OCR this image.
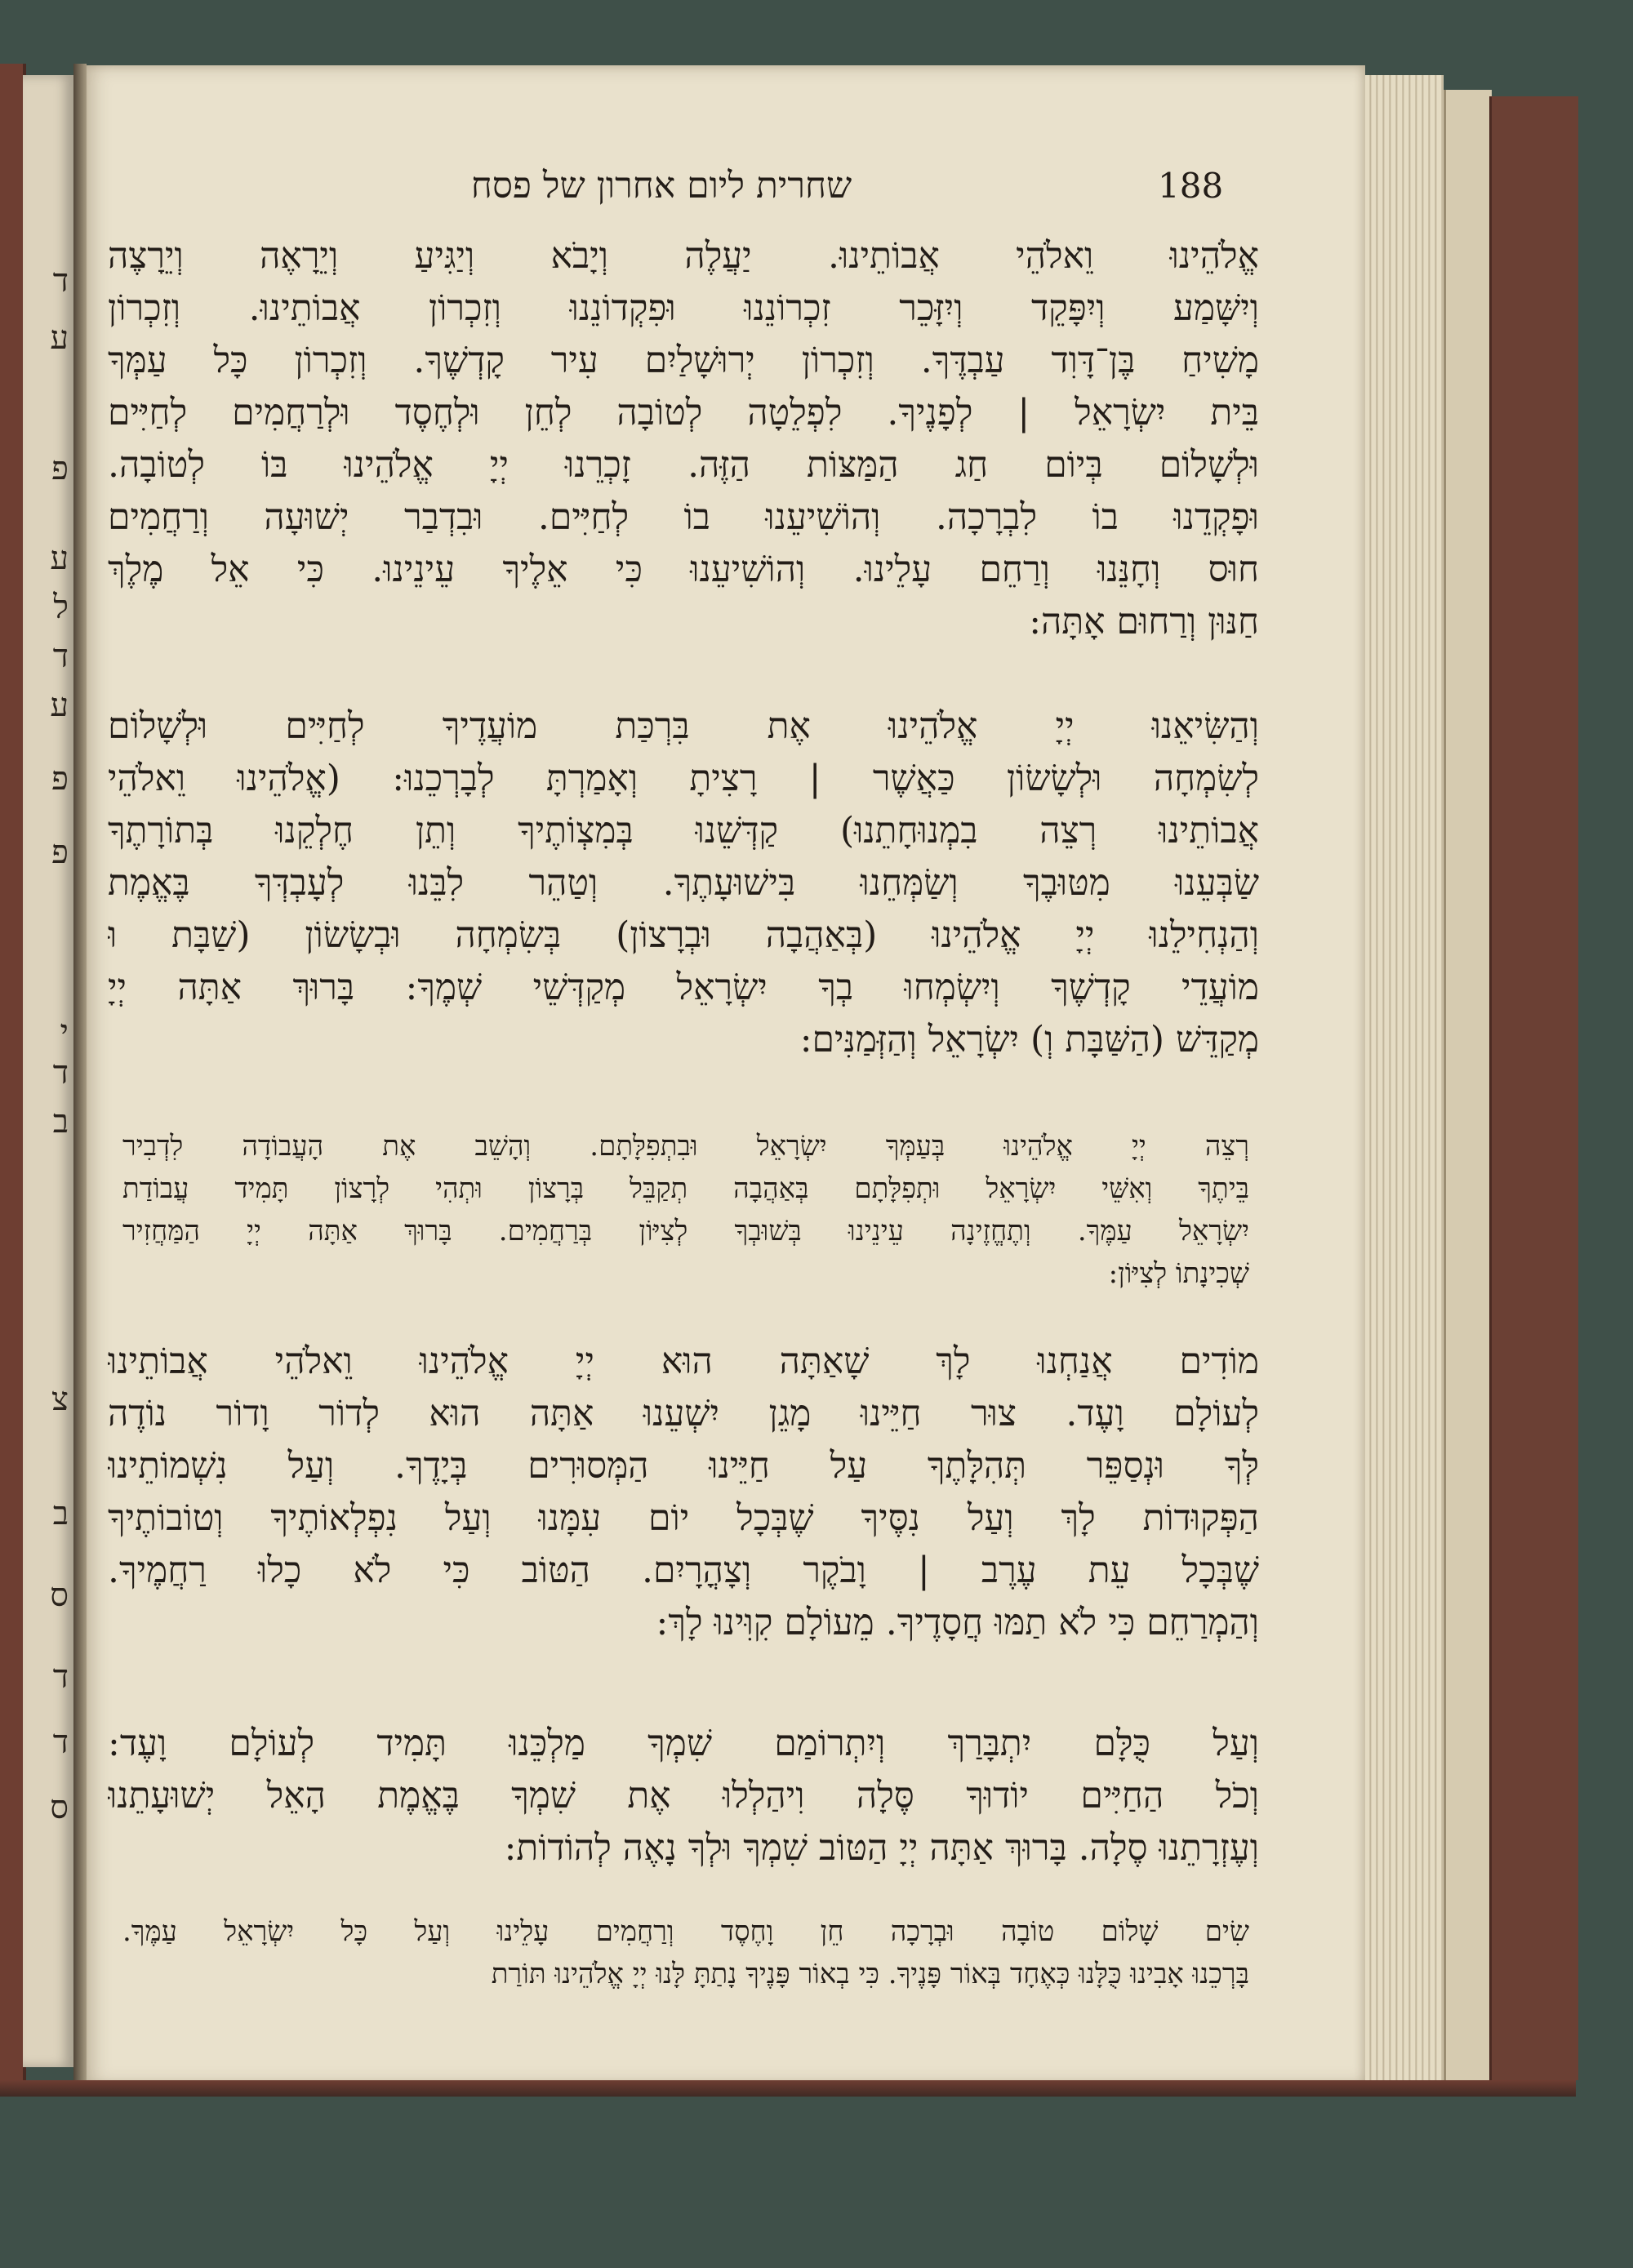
ד
ע
פ
ע
ל
ד
ע
פ
פ
י
ד
ב
צ
ב
ס
ד
ד
ס
שחרית ליום אחרון של פסח	188
אֱלֹהֵינוּ וֵאלֹהֵי אֲבוֹתֵינוּ. יַעֲלֶה וְיָבֹא וְיַגִּיעַ וְיֵרָאֶה וְיֵרָצֶה
וְיִשָּׁמַע וְיִפָּקֵד וְיִזָּכֵר זִכְרוֹנֵנוּ וּפִקְדוֹנֵנוּ וְזִכְרוֹן אֲבוֹתֵינוּ. וְזִכְרוֹן
מָשִׁיחַ בֶּן־דָּוִד עַבְדֶּךָ. וְזִכְרוֹן יְרוּשָׁלַיִם עִיר קָדְשֶׁךָ. וְזִכְרוֹן כָּל עַמְּךָ
בֵּית יִשְׂרָאֵל | לְפָנֶיךָ. לִפְלֵטָה לְטוֹבָה לְחֵן וּלְחֶסֶד וּלְרַחֲמִים לְחַיִּים
וּלְשָׁלוֹם בְּיוֹם חַג הַמַּצּוֹת הַזֶּה. זָכְרֵנוּ יְיָ אֱלֹהֵינוּ בּוֹ לְטוֹבָה.
וּפָקְדֵנוּ בוֹ לִבְרָכָה. וְהוֹשִׁיעֵנוּ בוֹ לְחַיִּים. וּבִדְבַר יְשׁוּעָה וְרַחֲמִים
חוּס וְחָנֵּנוּ וְרַחֵם עָלֵינוּ. וְהוֹשִׁיעֵנוּ כִּי אֵלֶיךָ עֵינֵינוּ. כִּי אֵל מֶלֶךְ
חַנּוּן וְרַחוּם אָתָּה:
וְהַשִּׂיאֵנוּ יְיָ אֱלֹהֵינוּ אֶת בִּרְכַּת מוֹעֲדֶיךָ לְחַיִּים וּלְשָׁלוֹם
לְשִׂמְחָה וּלְשָׂשׂוֹן כַּאֲשֶׁר | רָצִיתָ וְאָמַרְתָּ לְבָרְכֵנוּ: (אֱלֹהֵינוּ וֵאלֹהֵי
אֲבוֹתֵינוּ רְצֵה בִמְנוּחָתֵנוּ) קַדְּשֵׁנוּ בְּמִצְוֹתֶיךָ וְתֵן חֶלְקֵנוּ בְּתוֹרָתֶךָ
שַׂבְּעֵנוּ מִטּוּבֶךָ וְשַׂמְּחֵנוּ בִּישׁוּעָתֶךָ. וְטַהֵר לִבֵּנוּ לְעָבְדְּךָ בֶּאֱמֶת
וְהַנְחִילֵנוּ יְיָ אֱלֹהֵינוּ (בְּאַהֲבָה וּבְרָצוֹן) בְּשִׂמְחָה וּבְשָׂשׂוֹן (שַׁבָּת וּ
מוֹעֲדֵי קָדְשֶׁךָ וְיִשְׂמְחוּ בְךָ יִשְׂרָאֵל מְקַדְּשֵׁי שְׁמֶךָ: בָּרוּךְ אַתָּה יְיָ
מְקַדֵּשׁ (הַשַּׁבָּת וְ) יִשְׂרָאֵל וְהַזְּמַנִּים:
רְצֵה יְיָ אֱלֹהֵינוּ בְּעַמְּךָ יִשְׂרָאֵל וּבִתְפִלָּתָם. וְהָשֵׁב אֶת הָעֲבוֹדָה לִדְבִיר
בֵּיתֶךָ וְאִשֵּׁי יִשְׂרָאֵל וּתְפִלָּתָם בְּאַהֲבָה תְקַבֵּל בְּרָצוֹן וּתְהִי לְרָצוֹן תָּמִיד עֲבוֹדַת
יִשְׂרָאֵל עַמֶּךָ. וְתֶחֱזֶינָה עֵינֵינוּ בְּשׁוּבְךָ לְצִיּוֹן בְּרַחֲמִים. בָּרוּךְ אַתָּה יְיָ הַמַּחֲזִיר
שְׁכִינָתוֹ לְצִיּוֹן:
מוֹדִים אֲנַחְנוּ לָךְ שָׁאַתָּה הוּא יְיָ אֱלֹהֵינוּ וֵאלֹהֵי אֲבוֹתֵינוּ
לְעוֹלָם וָעֶד. צוּר חַיֵּינוּ מָגֵן יִשְׁעֵנוּ אַתָּה הוּא לְדוֹר וָדוֹר נוֹדֶה
לְּךָ וּנְסַפֵּר תְּהִלָּתֶךָ עַל חַיֵּינוּ הַמְּסוּרִים בְּיָדֶךָ. וְעַל נִשְׁמוֹתֵינוּ
הַפְּקוּדוֹת לָךְ וְעַל נִסֶּיךָ שֶׁבְּכָל יוֹם עִמָּנוּ וְעַל נִפְלְאוֹתֶיךָ וְטוֹבוֹתֶיךָ
שֶׁבְּכָל עֵת עֶרֶב | וָבֹקֶר וְצָהֳרָיִם. הַטּוֹב כִּי לֹא כָלוּ רַחֲמֶיךָ.
וְהַמְרַחֵם כִּי לֹא תַמּוּ חֲסָדֶיךָ. מֵעוֹלָם קִוִּינוּ לָךְ:
וְעַל כֻּלָּם יִתְבָּרַךְ וְיִתְרוֹמַם שִׁמְךָ מַלְכֵּנוּ תָּמִיד לְעוֹלָם וָעֶד:
וְכֹל הַחַיִּים יוֹדוּךָ סֶּלָה וִיהַלְלוּ אֶת שִׁמְךָ בֶּאֱמֶת הָאֵל יְשׁוּעָתֵנוּ
וְעֶזְרָתֵנוּ סֶלָה. בָּרוּךְ אַתָּה יְיָ הַטּוֹב שִׁמְךָ וּלְךָ נָאֶה לְהוֹדוֹת:
שִׂים שָׁלוֹם טוֹבָה וּבְרָכָה חֵן וָחֶסֶד וְרַחֲמִים עָלֵינוּ וְעַל כָּל יִשְׂרָאֵל עַמֶּךָ.
בָּרְכֵנוּ אָבִינוּ כֻּלָּנוּ כְּאֶחָד בְּאוֹר פָּנֶיךָ. כִּי בְאוֹר פָּנֶיךָ נָתַתָּ לָּנוּ יְיָ אֱלֹהֵינוּ תּוֹרַת
